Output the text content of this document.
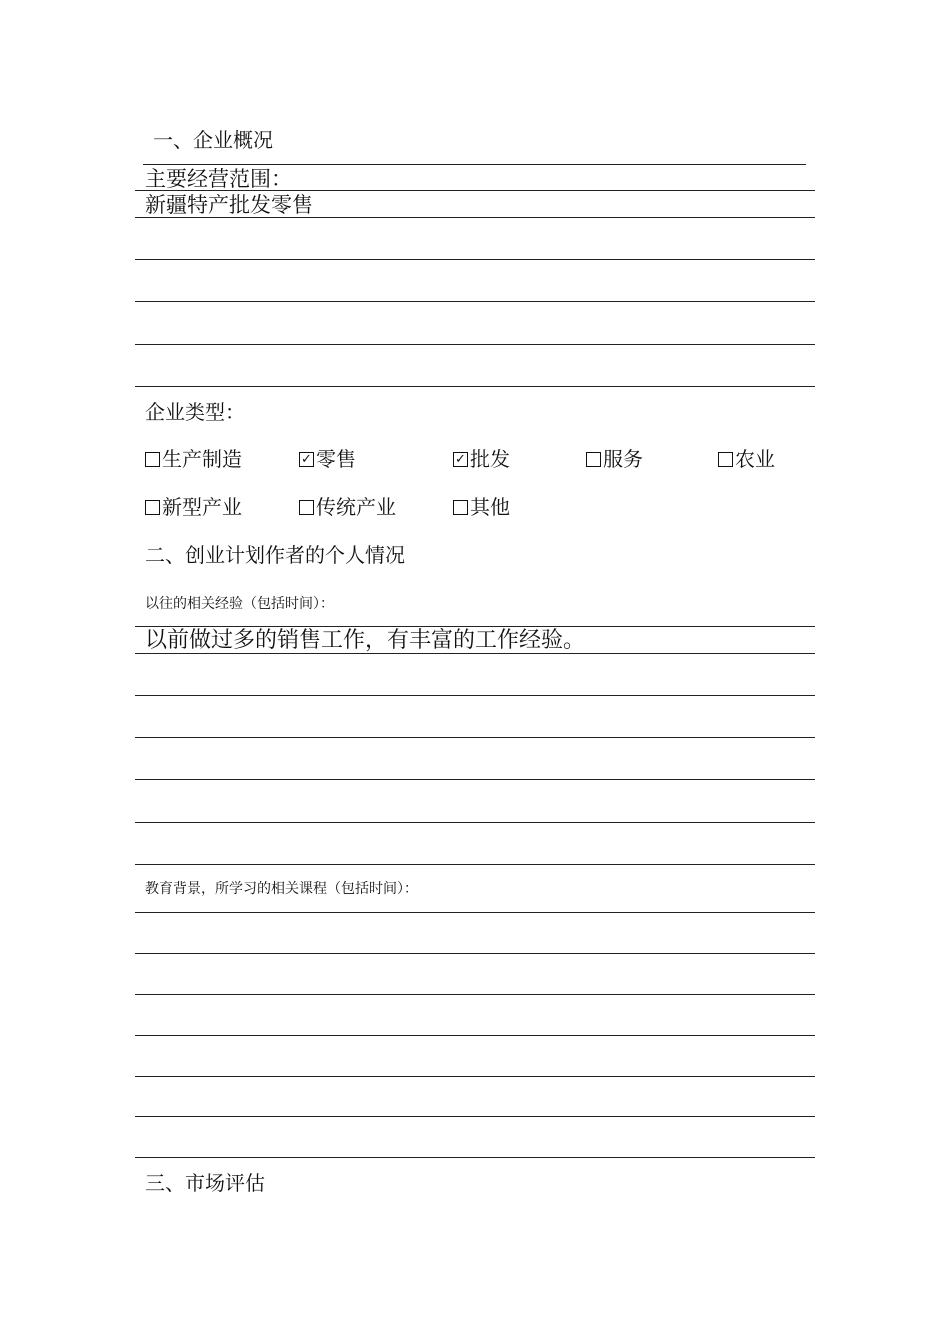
一、企业概况
主要经营范围：
新疆特产批发零售
企业类型：
生产制造	✓ 零售	✓ 批发	服务	农业
新型产业	传统产业	其他
二、创业计划作者的个人情况
以往的相关经验（包括时间）：
以前做过多的销售工作，有丰富的工作经验。
教育背景，所学习的相关课程（包括时间）：
三、市场评估
